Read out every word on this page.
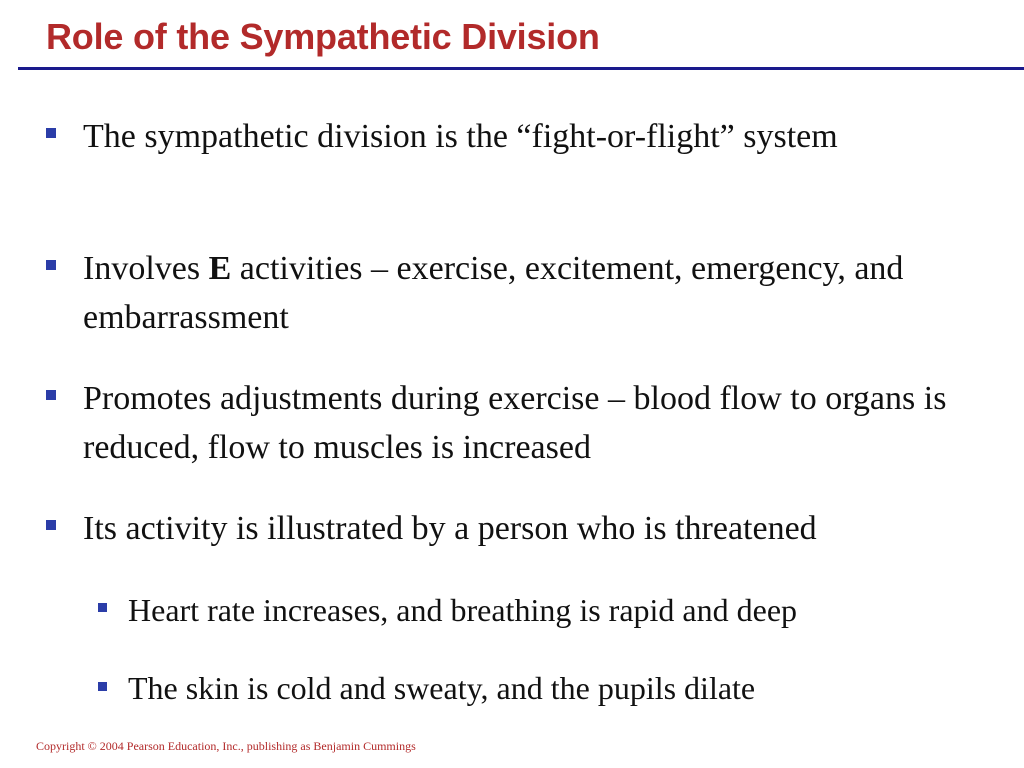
Role of the Sympathetic Division
The sympathetic division is the “fight-or-flight” system
Involves E activities – exercise, excitement, emergency, and embarrassment
Promotes adjustments during exercise – blood flow to organs is reduced, flow to muscles is increased
Its activity is illustrated by a person who is threatened
Heart rate increases, and breathing is rapid and deep
The skin is cold and sweaty, and the pupils dilate
Copyright © 2004 Pearson Education, Inc., publishing as Benjamin Cummings
